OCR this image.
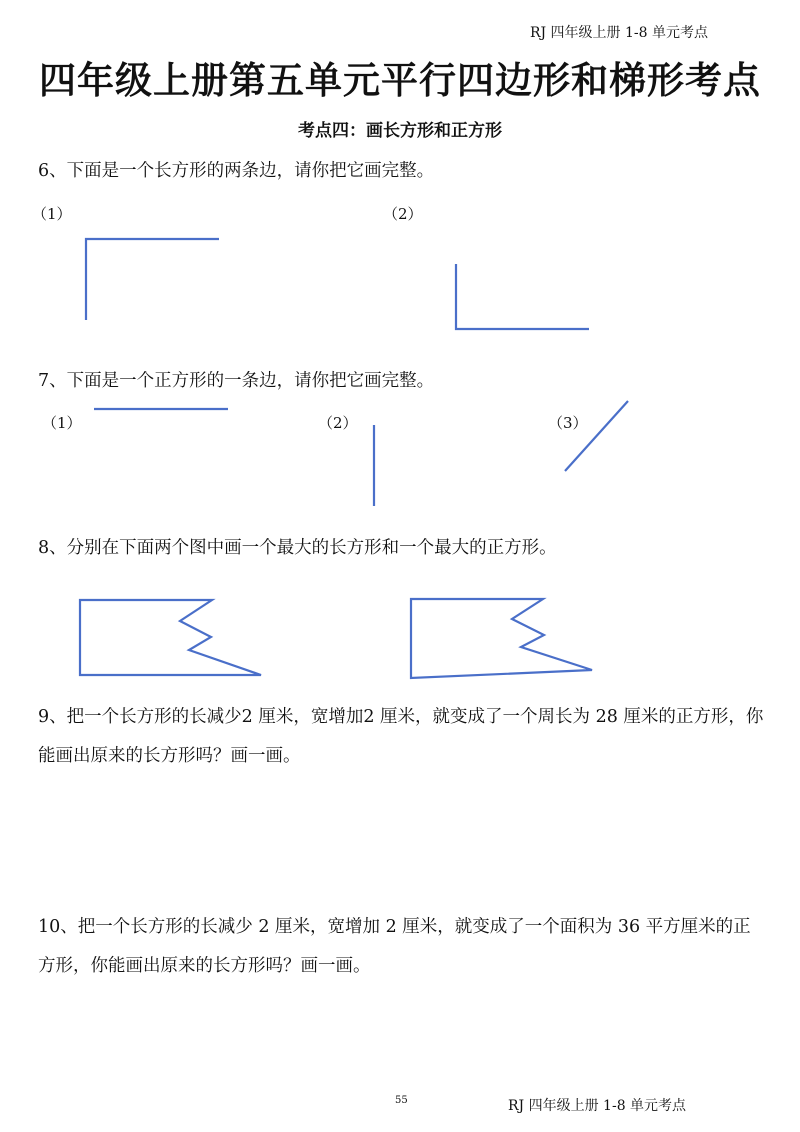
RJ 四年级上册 1-8 单元考点
四年级上册第五单元平行四边形和梯形考点
考点四：画长方形和正方形
6、下面是一个长方形的两条边，请你把它画完整。
（1）	（2）
7、下面是一个正方形的一条边，请你把它画完整。
（1）	（2）	（3）
8、分别在下面两个图中画一个最大的长方形和一个最大的正方形。
9、把一个长方形的长减少2 厘米，宽增加2 厘米，就变成了一个周长为 28 厘米的正方形，你能画出原来的长方形吗？画一画。
10、把一个长方形的长减少 2 厘米，宽增加 2 厘米，就变成了一个面积为 36 平方厘米的正方形，你能画出原来的长方形吗？画一画。
55	RJ 四年级上册 1-8 单元考点
